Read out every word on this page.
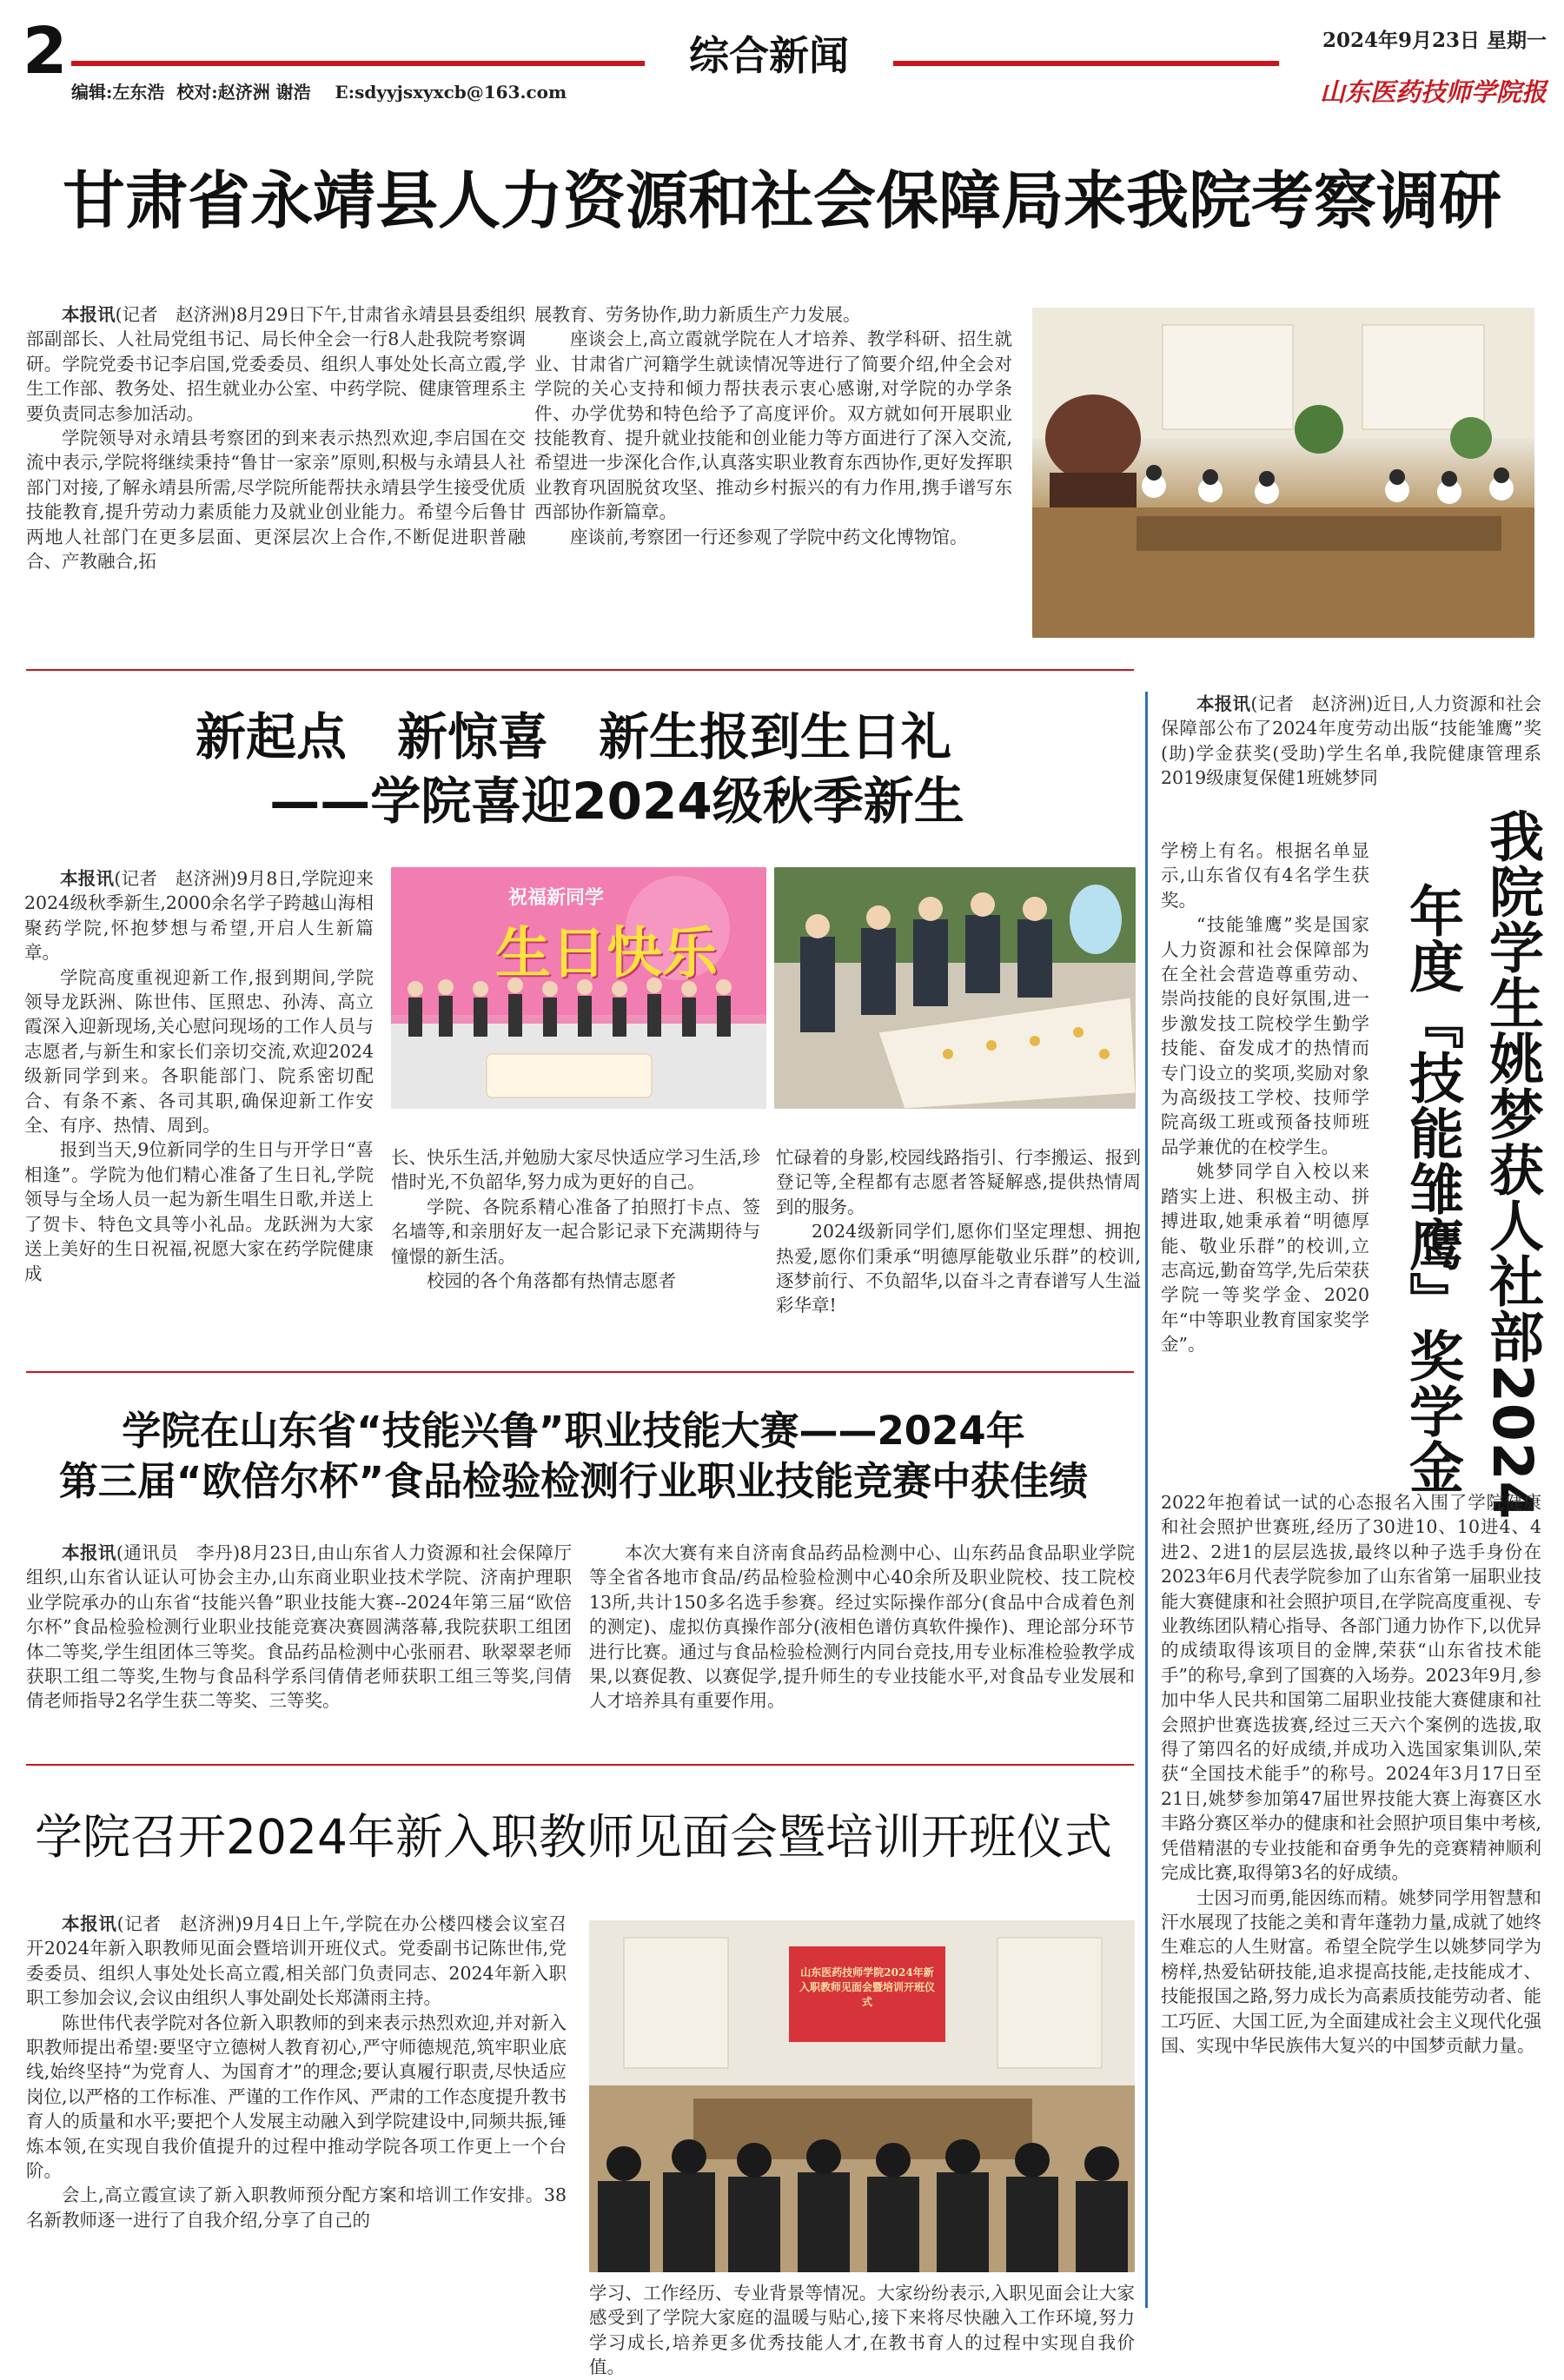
2	综合新闻	2024年9月23日 星期一
山东医药技师学院报
编辑:左东浩  校对:赵济洲 谢浩    E:sdyyjsxyxcb@163.com
甘肃省永靖县人力资源和社会保障局来我院考察调研

本报讯(记者　赵济洲)8月29日下午,甘肃省永靖县县委组织部副部长、人社局党组书记、局长仲全会一行8人赴我院考察调研。学院党委书记李启国,党委委员、组织人事处处长高立霞,学生工作部、教务处、招生就业办公室、中药学院、健康管理系主要负责同志参加活动。

学院领导对永靖县考察团的到来表示热烈欢迎,李启国在交流中表示,学院将继续秉持“鲁甘一家亲”原则,积极与永靖县人社部门对接,了解永靖县所需,尽学院所能帮扶永靖县学生接受优质技能教育,提升劳动力素质能力及就业创业能力。希望今后鲁甘两地人社部门在更多层面、更深层次上合作,不断促进职普融合、产教融合,拓

展教育、劳务协作,助力新质生产力发展。

座谈会上,高立霞就学院在人才培养、教学科研、招生就业、甘肃省广河籍学生就读情况等进行了简要介绍,仲全会对学院的关心支持和倾力帮扶表示衷心感谢,对学院的办学条件、办学优势和特色给予了高度评价。双方就如何开展职业技能教育、提升就业技能和创业能力等方面进行了深入交流,希望进一步深化合作,认真落实职业教育东西协作,更好发挥职业教育巩固脱贫攻坚、推动乡村振兴的有力作用,携手谱写东西部协作新篇章。

座谈前,考察团一行还参观了学院中药文化博物馆。

新起点　新惊喜　新生报到生日礼
——学院喜迎2024级秋季新生

本报讯(记者　赵济洲)9月8日,学院迎来2024级秋季新生,2000余名学子跨越山海相聚药学院,怀抱梦想与希望,开启人生新篇章。

学院高度重视迎新工作,报到期间,学院领导龙跃洲、陈世伟、匡照忠、孙涛、高立霞深入迎新现场,关心慰问现场的工作人员与志愿者,与新生和家长们亲切交流,欢迎2024级新同学到来。各职能部门、院系密切配合、有条不紊、各司其职,确保迎新工作安全、有序、热情、周到。

报到当天,9位新同学的生日与开学日“喜相逢”。学院为他们精心准备了生日礼,学院领导与全场人员一起为新生唱生日歌,并送上了贺卡、特色文具等小礼品。龙跃洲为大家送上美好的生日祝福,祝愿大家在药学院健康成

祝福新同学
生日快乐

长、快乐生活,并勉励大家尽快适应学习生活,珍惜时光,不负韶华,努力成为更好的自己。

学院、各院系精心准备了拍照打卡点、签名墙等,和亲朋好友一起合影记录下充满期待与憧憬的新生活。

校园的各个角落都有热情志愿者

忙碌着的身影,校园线路指引、行李搬运、报到登记等,全程都有志愿者答疑解惑,提供热情周到的服务。

2024级新同学们,愿你们坚定理想、拥抱热爱,愿你们秉承“明德厚能敬业乐群”的校训,逐梦前行、不负韶华,以奋斗之青春谱写人生溢彩华章!

学院在山东省“技能兴鲁”职业技能大赛——2024年
第三届“欧倍尔杯”食品检验检测行业职业技能竞赛中获佳绩

本报讯(通讯员　李丹)8月23日,由山东省人力资源和社会保障厅组织,山东省认证认可协会主办,山东商业职业技术学院、济南护理职业学院承办的山东省“技能兴鲁”职业技能大赛--2024年第三届“欧倍尔杯”食品检验检测行业职业技能竞赛决赛圆满落幕,我院获职工组团体二等奖,学生组团体三等奖。食品药品检测中心张丽君、耿翠翠老师获职工组二等奖,生物与食品科学系闫倩倩老师获职工组三等奖,闫倩倩老师指导2名学生获二等奖、三等奖。

本次大赛有来自济南食品药品检测中心、山东药品食品职业学院等全省各地市食品/药品检验检测中心40余所及职业院校、技工院校13所,共计150多名选手参赛。经过实际操作部分(食品中合成着色剂的测定)、虚拟仿真操作部分(液相色谱仿真软件操作)、理论部分环节进行比赛。通过与食品检验检测行内同台竞技,用专业标准检验教学成果,以赛促教、以赛促学,提升师生的专业技能水平,对食品专业发展和人才培养具有重要作用。

学院召开2024年新入职教师见面会暨培训开班仪式

本报讯(记者　赵济洲)9月4日上午,学院在办公楼四楼会议室召开2024年新入职教师见面会暨培训开班仪式。党委副书记陈世伟,党委委员、组织人事处处长高立霞,相关部门负责同志、2024年新入职职工参加会议,会议由组织人事处副处长郑潇雨主持。

陈世伟代表学院对各位新入职教师的到来表示热烈欢迎,并对新入职教师提出希望:要坚守立德树人教育初心,严守师德规范,筑牢职业底线,始终坚持“为党育人、为国育才”的理念;要认真履行职责,尽快适应岗位,以严格的工作标准、严谨的工作作风、严肃的工作态度提升教书育人的质量和水平;要把个人发展主动融入到学院建设中,同频共振,锤炼本领,在实现自我价值提升的过程中推动学院各项工作更上一个台阶。

会上,高立霞宣读了新入职教师预分配方案和培训工作安排。38名新教师逐一进行了自我介绍,分享了自己的

山东医药技师学院2024年新入职教师见面会暨培训开班仪式

学习、工作经历、专业背景等情况。大家纷纷表示,入职见面会让大家感受到了学院大家庭的温暖与贴心,接下来将尽快融入工作环境,努力学习成长,培养更多优秀技能人才,在教书育人的过程中实现自我价值。

本报讯(记者　赵济洲)近日,人力资源和社会保障部公布了2024年度劳动出版“技能雏鹰”奖(助)学金获奖(受助)学生名单,我院健康管理系2019级康复保健1班姚梦同

学榜上有名。根据名单显示,山东省仅有4名学生获奖。

“技能雏鹰”奖是国家人力资源和社会保障部为在全社会营造尊重劳动、崇尚技能的良好氛围,进一步激发技工院校学生勤学技能、奋发成才的热情而专门设立的奖项,奖励对象为高级技工学校、技师学院高级工班或预备技师班品学兼优的在校学生。

姚梦同学自入校以来踏实上进、积极主动、拼搏进取,她秉承着“明德厚能、敬业乐群”的校训,立志高远,勤奋笃学,先后荣获学院一等奖学金、2020年“中等职业教育国家奖学金”。	我院学生姚梦获人社部2024
年度『技能雏鹰』奖学金

2022年抱着试一试的心态报名入围了学院健康和社会照护世赛班,经历了30进10、10进4、4进2、2进1的层层选拔,最终以种子选手身份在2023年6月代表学院参加了山东省第一届职业技能大赛健康和社会照护项目,在学院高度重视、专业教练团队精心指导、各部门通力协作下,以优异的成绩取得该项目的金牌,荣获“山东省技术能手”的称号,拿到了国赛的入场券。2023年9月,参加中华人民共和国第二届职业技能大赛健康和社会照护世赛选拔赛,经过三天六个案例的选拔,取得了第四名的好成绩,并成功入选国家集训队,荣获“全国技术能手”的称号。2024年3月17日至21日,姚梦参加第47届世界技能大赛上海赛区水丰路分赛区举办的健康和社会照护项目集中考核,凭借精湛的专业技能和奋勇争先的竞赛精神顺利完成比赛,取得第3名的好成绩。

士因习而勇,能因练而精。姚梦同学用智慧和汗水展现了技能之美和青年蓬勃力量,成就了她终生难忘的人生财富。希望全院学生以姚梦同学为榜样,热爱钻研技能,追求提高技能,走技能成才、技能报国之路,努力成长为高素质技能劳动者、能工巧匠、大国工匠,为全面建成社会主义现代化强国、实现中华民族伟大复兴的中国梦贡献力量。
